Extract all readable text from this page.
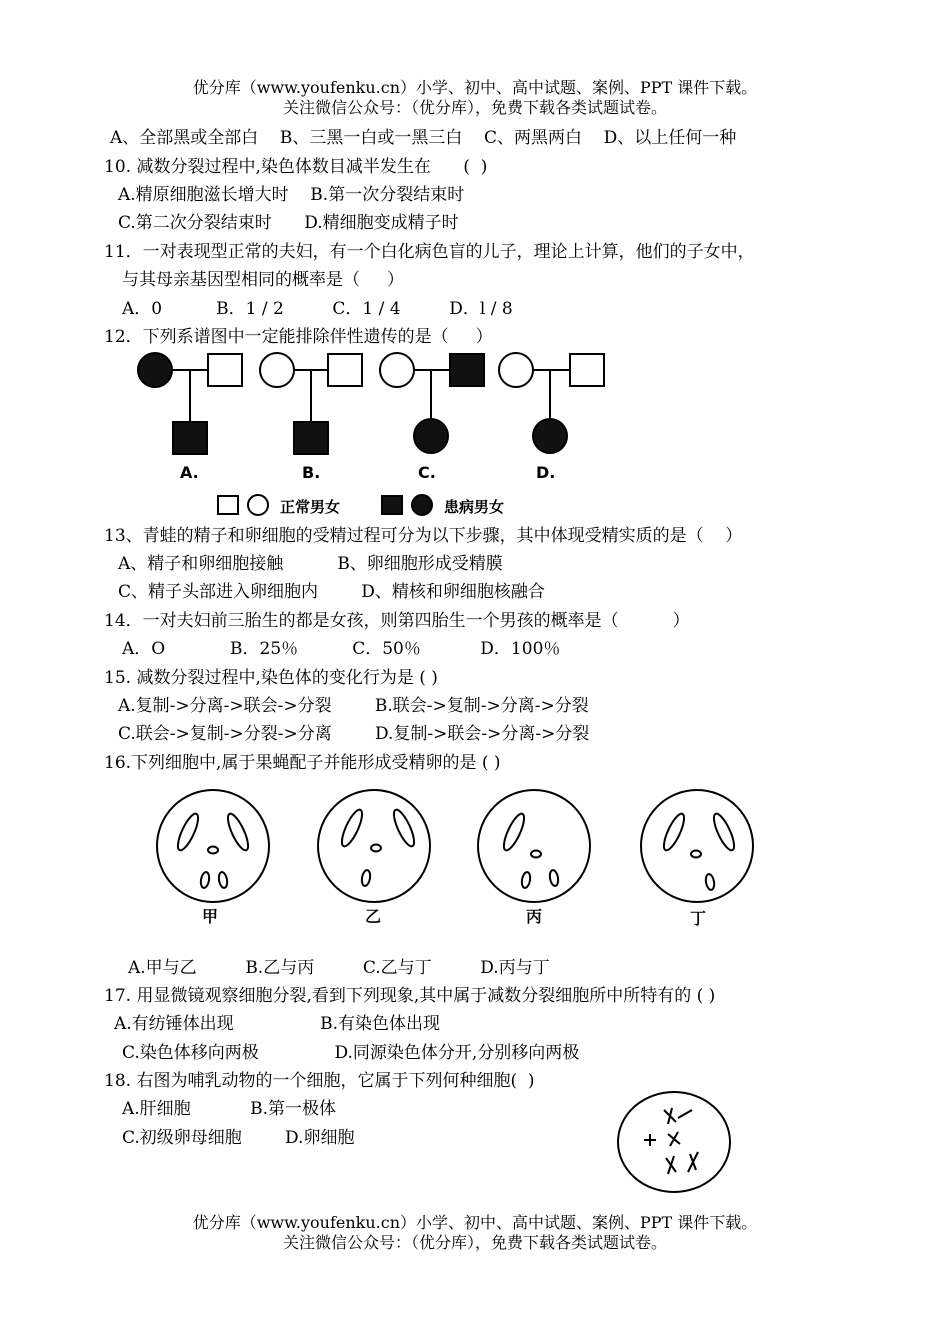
优分库（www.youfenku.cn）小学、初中、高中试题、案例、PPT 课件下载。
关注微信公众号：（优分库），免费下载各类试题试卷。
A、全部黑或全部白    B、三黑一白或一黑三白    C、两黑两白    D、以上任何一种
10. 减数分裂过程中,染色体数目减半发生在      (  )
A.精原细胞滋长增大时    B.第一次分裂结束时
C.第二次分裂结束时      D.精细胞变成精子时
11．一对表现型正常的夫妇，有一个白化病色盲的儿子，理论上计算，他们的子女中，
与其母亲基因型相同的概率是（     ）
A．0          B．1 / 2         C．1 / 4         D．l / 8
12．下列系谱图中一定能排除伴性遗传的是（     ）
A.	B.	C.	D.
正常男女	患病男女
13、青蛙的精子和卵细胞的受精过程可分为以下步骤，其中体现受精实质的是（    ）
A、精子和卵细胞接触          B、卵细胞形成受精膜
C、精子头部进入卵细胞内        D、精核和卵细胞核融合
14．一对夫妇前三胎生的都是女孩，则第四胎生一个男孩的概率是（          ）
A．O            B．25％          C．50％           D．100％
15. 减数分裂过程中,染色体的变化行为是 ( )
A.复制->分离->联会->分裂        B.联会->复制->分离->分裂
C.联会->复制->分裂->分离        D.复制->联会->分离->分裂
16.下列细胞中,属于果蝇配子并能形成受精卵的是 ( )
甲	乙	丙	丁
A.甲与乙         B.乙与丙         C.乙与丁         D.丙与丁
17. 用显微镜观察细胞分裂,看到下列现象,其中属于减数分裂细胞所中所特有的 ( )
A.有纺锤体出现                B.有染色体出现
C.染色体移向两极              D.同源染色体分开,分别移向两极
18. 右图为哺乳动物的一个细胞，它属于下列何种细胞(  )
A.肝细胞           B.第一极体
C.初级卵母细胞        D.卵细胞
优分库（www.youfenku.cn）小学、初中、高中试题、案例、PPT 课件下载。
关注微信公众号：（优分库），免费下载各类试题试卷。
